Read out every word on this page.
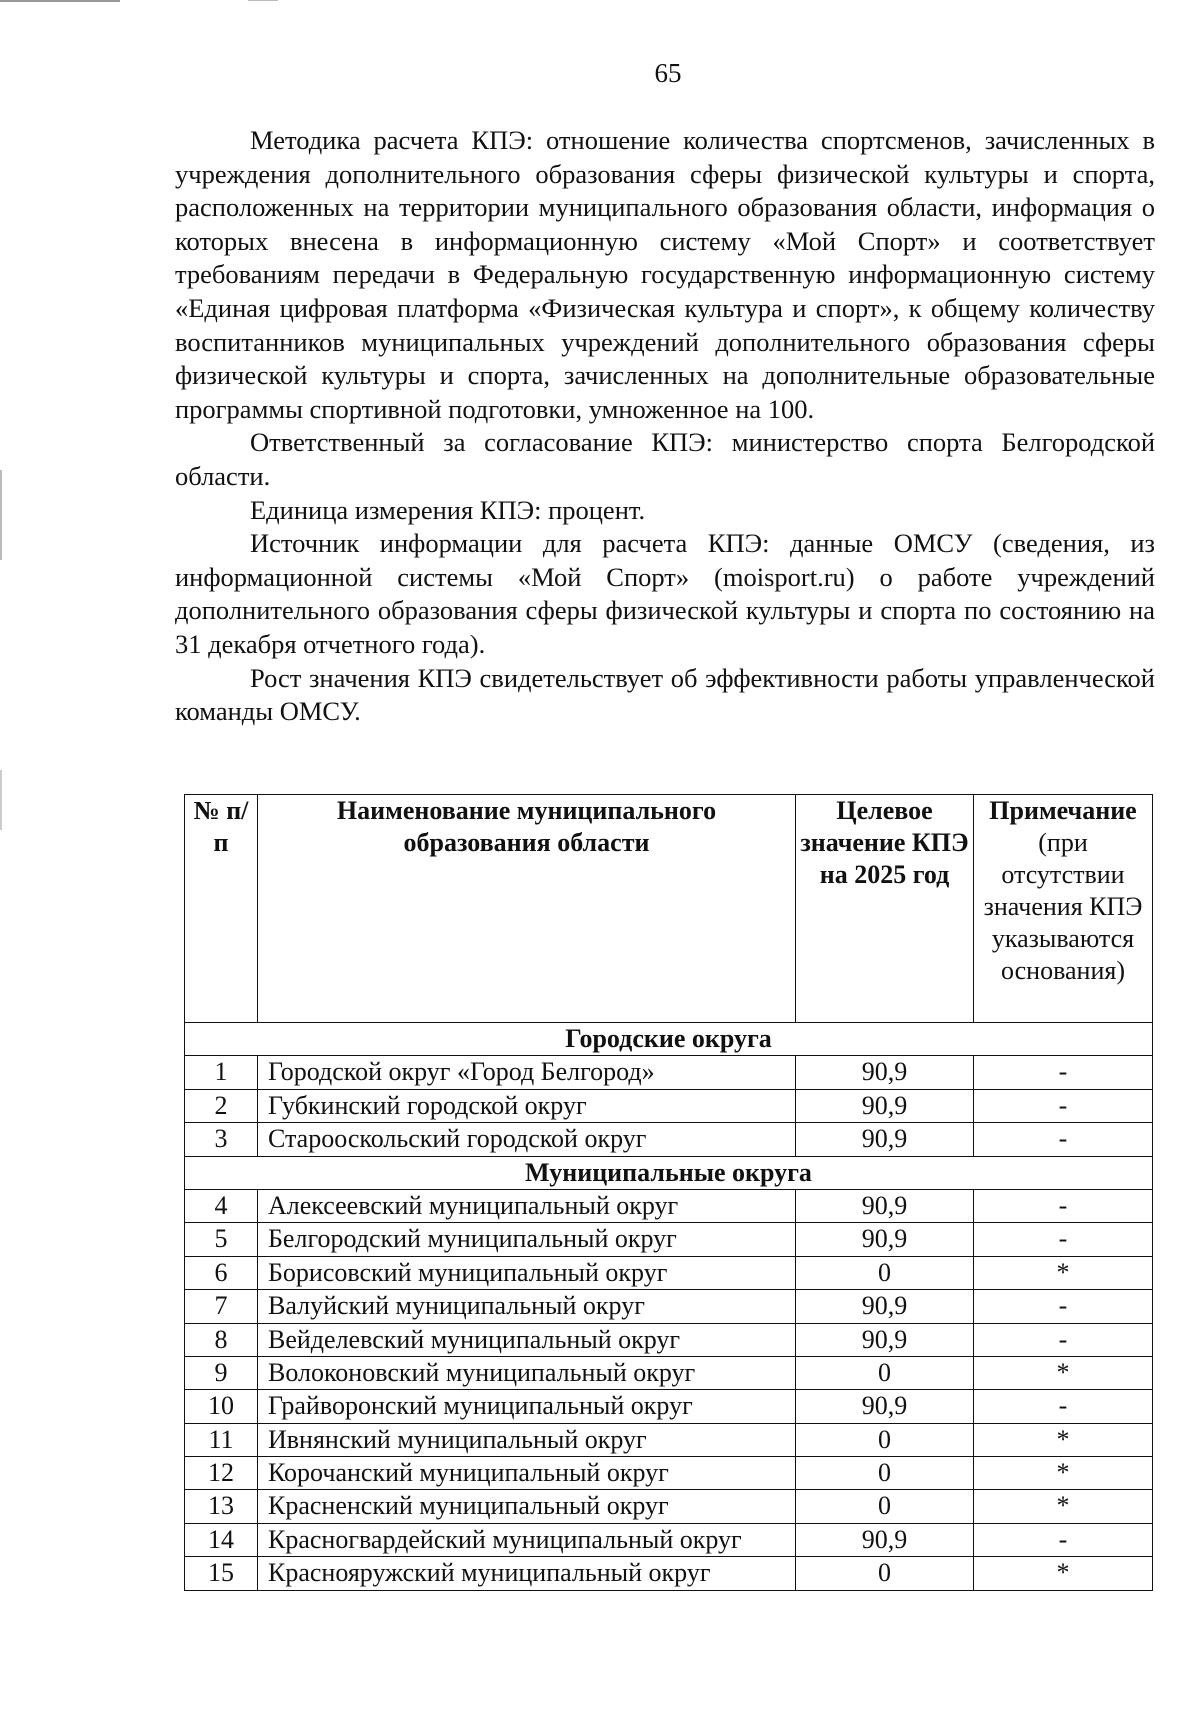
65

Методика расчета КПЭ: отношение количества спортсменов, зачисленных в учреждения дополнительного образования сферы физической культуры и спорта, расположенных на территории муниципального образования области, информация о которых внесена в информационную систему «Мой Спорт» и соответствует требованиям передачи в Федеральную государственную информационную систему «Единая цифровая платформа «Физическая культура и спорт», к общему количеству воспитанников муниципальных учреждений дополнительного образования сферы физической культуры и спорта, зачисленных на дополнительные образовательные программы спортивной подготовки, умноженное на 100.

Ответственный за согласование КПЭ: министерство спорта Белгородской области.

Единица измерения КПЭ: процент.

Источник информации для расчета КПЭ: данные ОМСУ (сведения, из информационной системы «Мой Спорт» (moisport.ru) о работе учреждений дополнительного образования сферы физической культуры и спорта по состоянию на 31 декабря отчетного года).

Рост значения КПЭ свидетельствует об эффективности работы управленческой команды ОМСУ.

№ п/п	Наименование муниципального образования области	Целевое значение КПЭ на 2025 год	Примечание (при отсутствии значения КПЭ указываются основания)
Городские округа			
1	Городской округ «Город Белгород»	90,9	-
2	Губкинский городской округ	90,9	-
3	Старооскольский городской округ	90,9	-
Муниципальные округа			
4	Алексеевский муниципальный округ	90,9	-
5	Белгородский муниципальный округ	90,9	-
6	Борисовский муниципальный округ	0	*
7	Валуйский муниципальный округ	90,9	-
8	Вейделевский муниципальный округ	90,9	-
9	Волоконовский муниципальный округ	0	*
10	Грайворонский муниципальный округ	90,9	-
11	Ивнянский муниципальный округ	0	*
12	Корочанский муниципальный округ	0	*
13	Красненский муниципальный округ	0	*
14	Красногвардейский муниципальный округ	90,9	-
15	Краснояружский муниципальный округ	0	*
